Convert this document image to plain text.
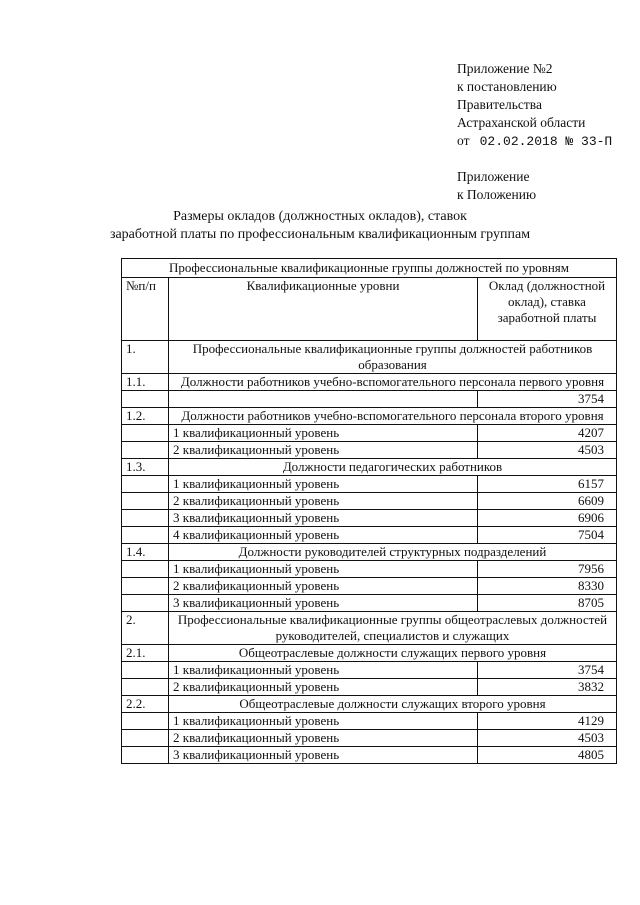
Приложение №2
к постановлению
Правительства
Астраханской области
от 02.02.2018 № 33-П
Приложение
к Положению
Размеры окладов (должностных окладов), ставок
заработной платы по профессиональным квалификационным группам
Профессиональные квалификационные группы должностей по уровням		
№п/п	Квалификационные уровни	Оклад (должностной оклад), ставка заработной платы
1.	Профессиональные квалификационные группы должностей работников образования	
1.1.	Должности работников учебно-вспомогательного персонала первого уровня	
		3754
1.2.	Должности работников учебно-вспомогательного персонала второго уровня	
	1 квалификационный уровень	4207
	2 квалификационный уровень	4503
1.3.	Должности педагогических работников	
	1 квалификационный уровень	6157
	2 квалификационный уровень	6609
	3 квалификационный уровень	6906
	4 квалификационный уровень	7504
1.4.	Должности руководителей структурных подразделений	
	1 квалификационный уровень	7956
	2 квалификационный уровень	8330
	3 квалификационный уровень	8705
2.	Профессиональные квалификационные группы общеотраслевых должностей руководителей, специалистов и служащих	
2.1.	Общеотраслевые должности служащих первого уровня	
	1 квалификационный уровень	3754
	2 квалификационный уровень	3832
2.2.	Общеотраслевые должности служащих второго уровня	
	1 квалификационный уровень	4129
	2 квалификационный уровень	4503
	3 квалификационный уровень	4805
